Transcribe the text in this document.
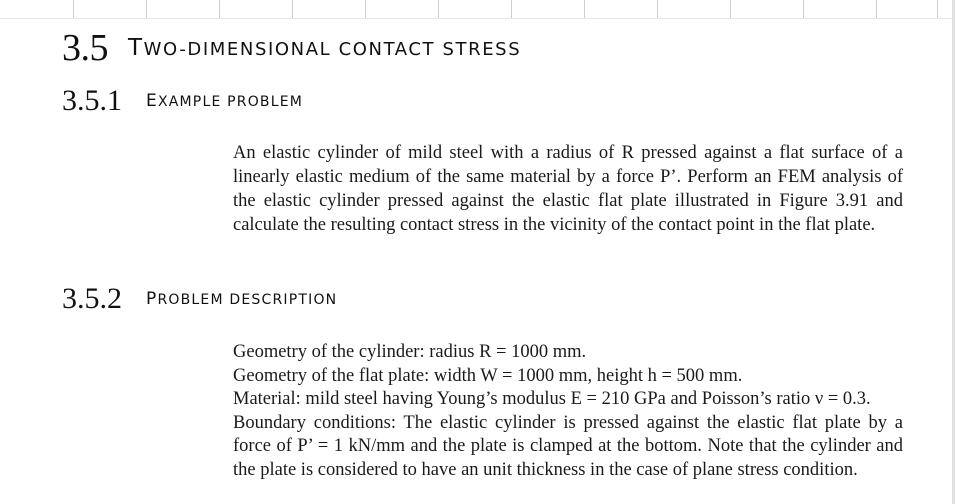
3.5 TWO-DIMENSIONAL CONTACT STRESS
3.5.1 EXAMPLE PROBLEM

An elastic cylinder of mild steel with a radius of R pressed against a flat surface of a linearly elastic medium of the same material by a force P’. Perform an FEM analysis of the elastic cylinder pressed against the elastic flat plate illustrated in Figure 3.91 and calculate the resulting contact stress in the vicinity of the contact point in the flat plate.

3.5.2 PROBLEM DESCRIPTION
Geometry of the cylinder: radius R = 1000 mm.
Geometry of the flat plate: width W = 1000 mm, height h = 500 mm.
Material: mild steel having Young’s modulus E = 210 GPa and Poisson’s ratio ν = 0.3.
Boundary conditions: The elastic cylinder is pressed against the elastic flat plate by a force of P’ = 1 kN/mm and the plate is clamped at the bottom. Note that the cylinder and the plate is considered to have an unit thickness in the case of plane stress condition.
